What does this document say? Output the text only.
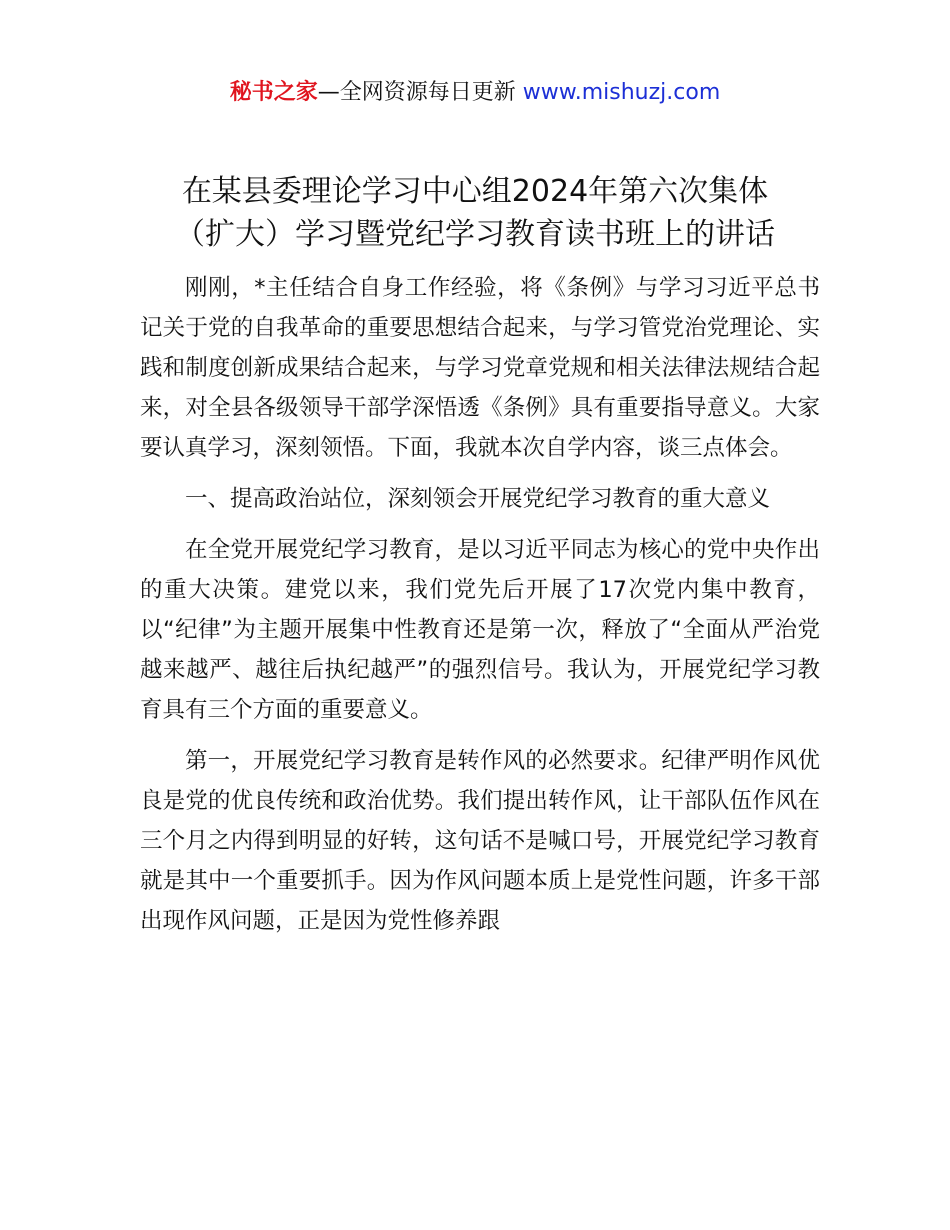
秘书之家—全网资源每日更新 www.mishuzj.com
在某县委理论学习中心组2024年第六次集体
（扩大）学习暨党纪学习教育读书班上的讲话

刚刚，*主任结合自身工作经验，将《条例》与学习习近平总书记关于党的自我革命的重要思想结合起来，与学习管党治党理论、实践和制度创新成果结合起来，与学习党章党规和相关法律法规结合起来，对全县各级领导干部学深悟透《条例》具有重要指导意义。大家要认真学习，深刻领悟。下面，我就本次自学内容，谈三点体会。

一、提高政治站位，深刻领会开展党纪学习教育的重大意义

在全党开展党纪学习教育，是以习近平同志为核心的党中央作出的重大决策。建党以来，我们党先后开展了17次党内集中教育，以“纪律”为主题开展集中性教育还是第一次，释放了“全面从严治党越来越严、越往后执纪越严”的强烈信号。我认为，开展党纪学习教育具有三个方面的重要意义。

第一，开展党纪学习教育是转作风的必然要求。纪律严明作风优良是党的优良传统和政治优势。我们提出转作风，让干部队伍作风在三个月之内得到明显的好转，这句话不是喊口号，开展党纪学习教育就是其中一个重要抓手。因为作风问题本质上是党性问题，许多干部出现作风问题，正是因为党性修养跟
